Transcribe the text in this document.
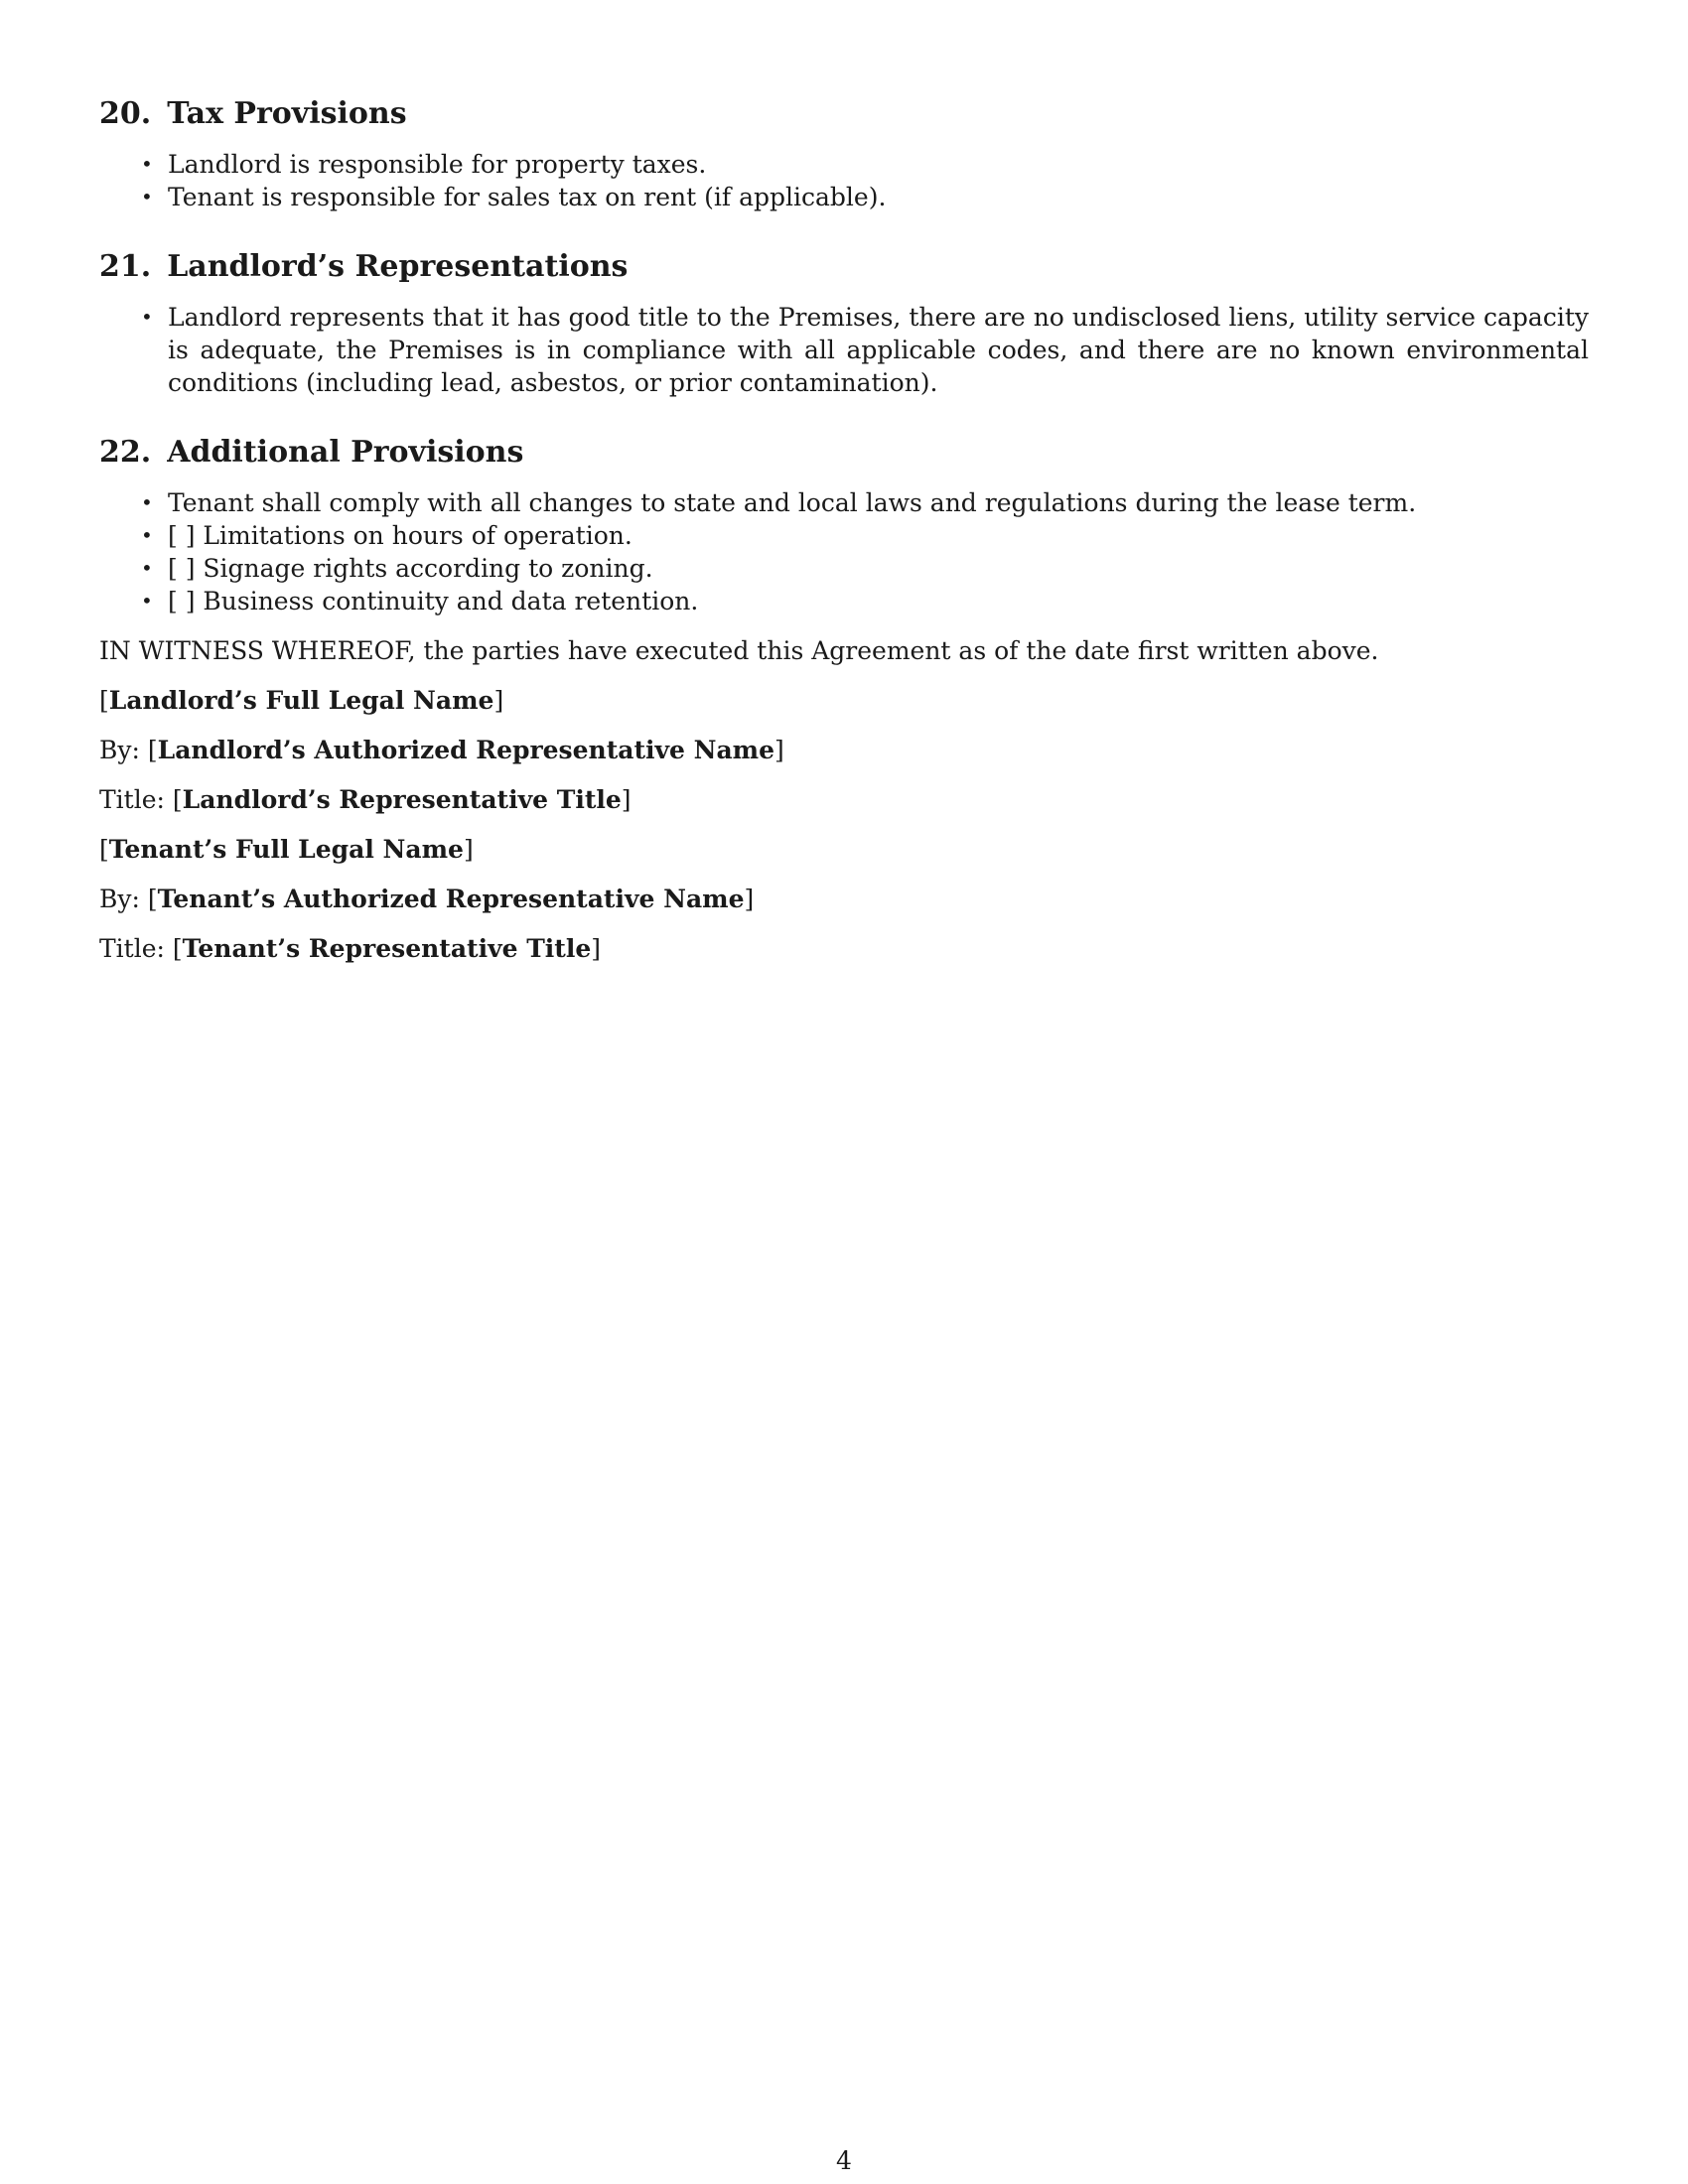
20. Tax Provisions
• Landlord is responsible for property taxes.
• Tenant is responsible for sales tax on rent (if applicable).
21. Landlord’s Representations
• Landlord represents that it has good title to the Premises, there are no undisclosed liens, utility service capacity is adequate, the Premises is in compliance with all applicable codes, and there are no known environmental conditions (including lead, asbestos, or prior contamination).
22. Additional Provisions
• Tenant shall comply with all changes to state and local laws and regulations during the lease term.
• [ ] Limitations on hours of operation.
• [ ] Signage rights according to zoning.
• [ ] Business continuity and data retention.

IN WITNESS WHEREOF, the parties have executed this Agreement as of the date first written above.

[Landlord’s Full Legal Name]

By: [Landlord’s Authorized Representative Name]

Title: [Landlord’s Representative Title]

[Tenant’s Full Legal Name]

By: [Tenant’s Authorized Representative Name]

Title: [Tenant’s Representative Title]

4
